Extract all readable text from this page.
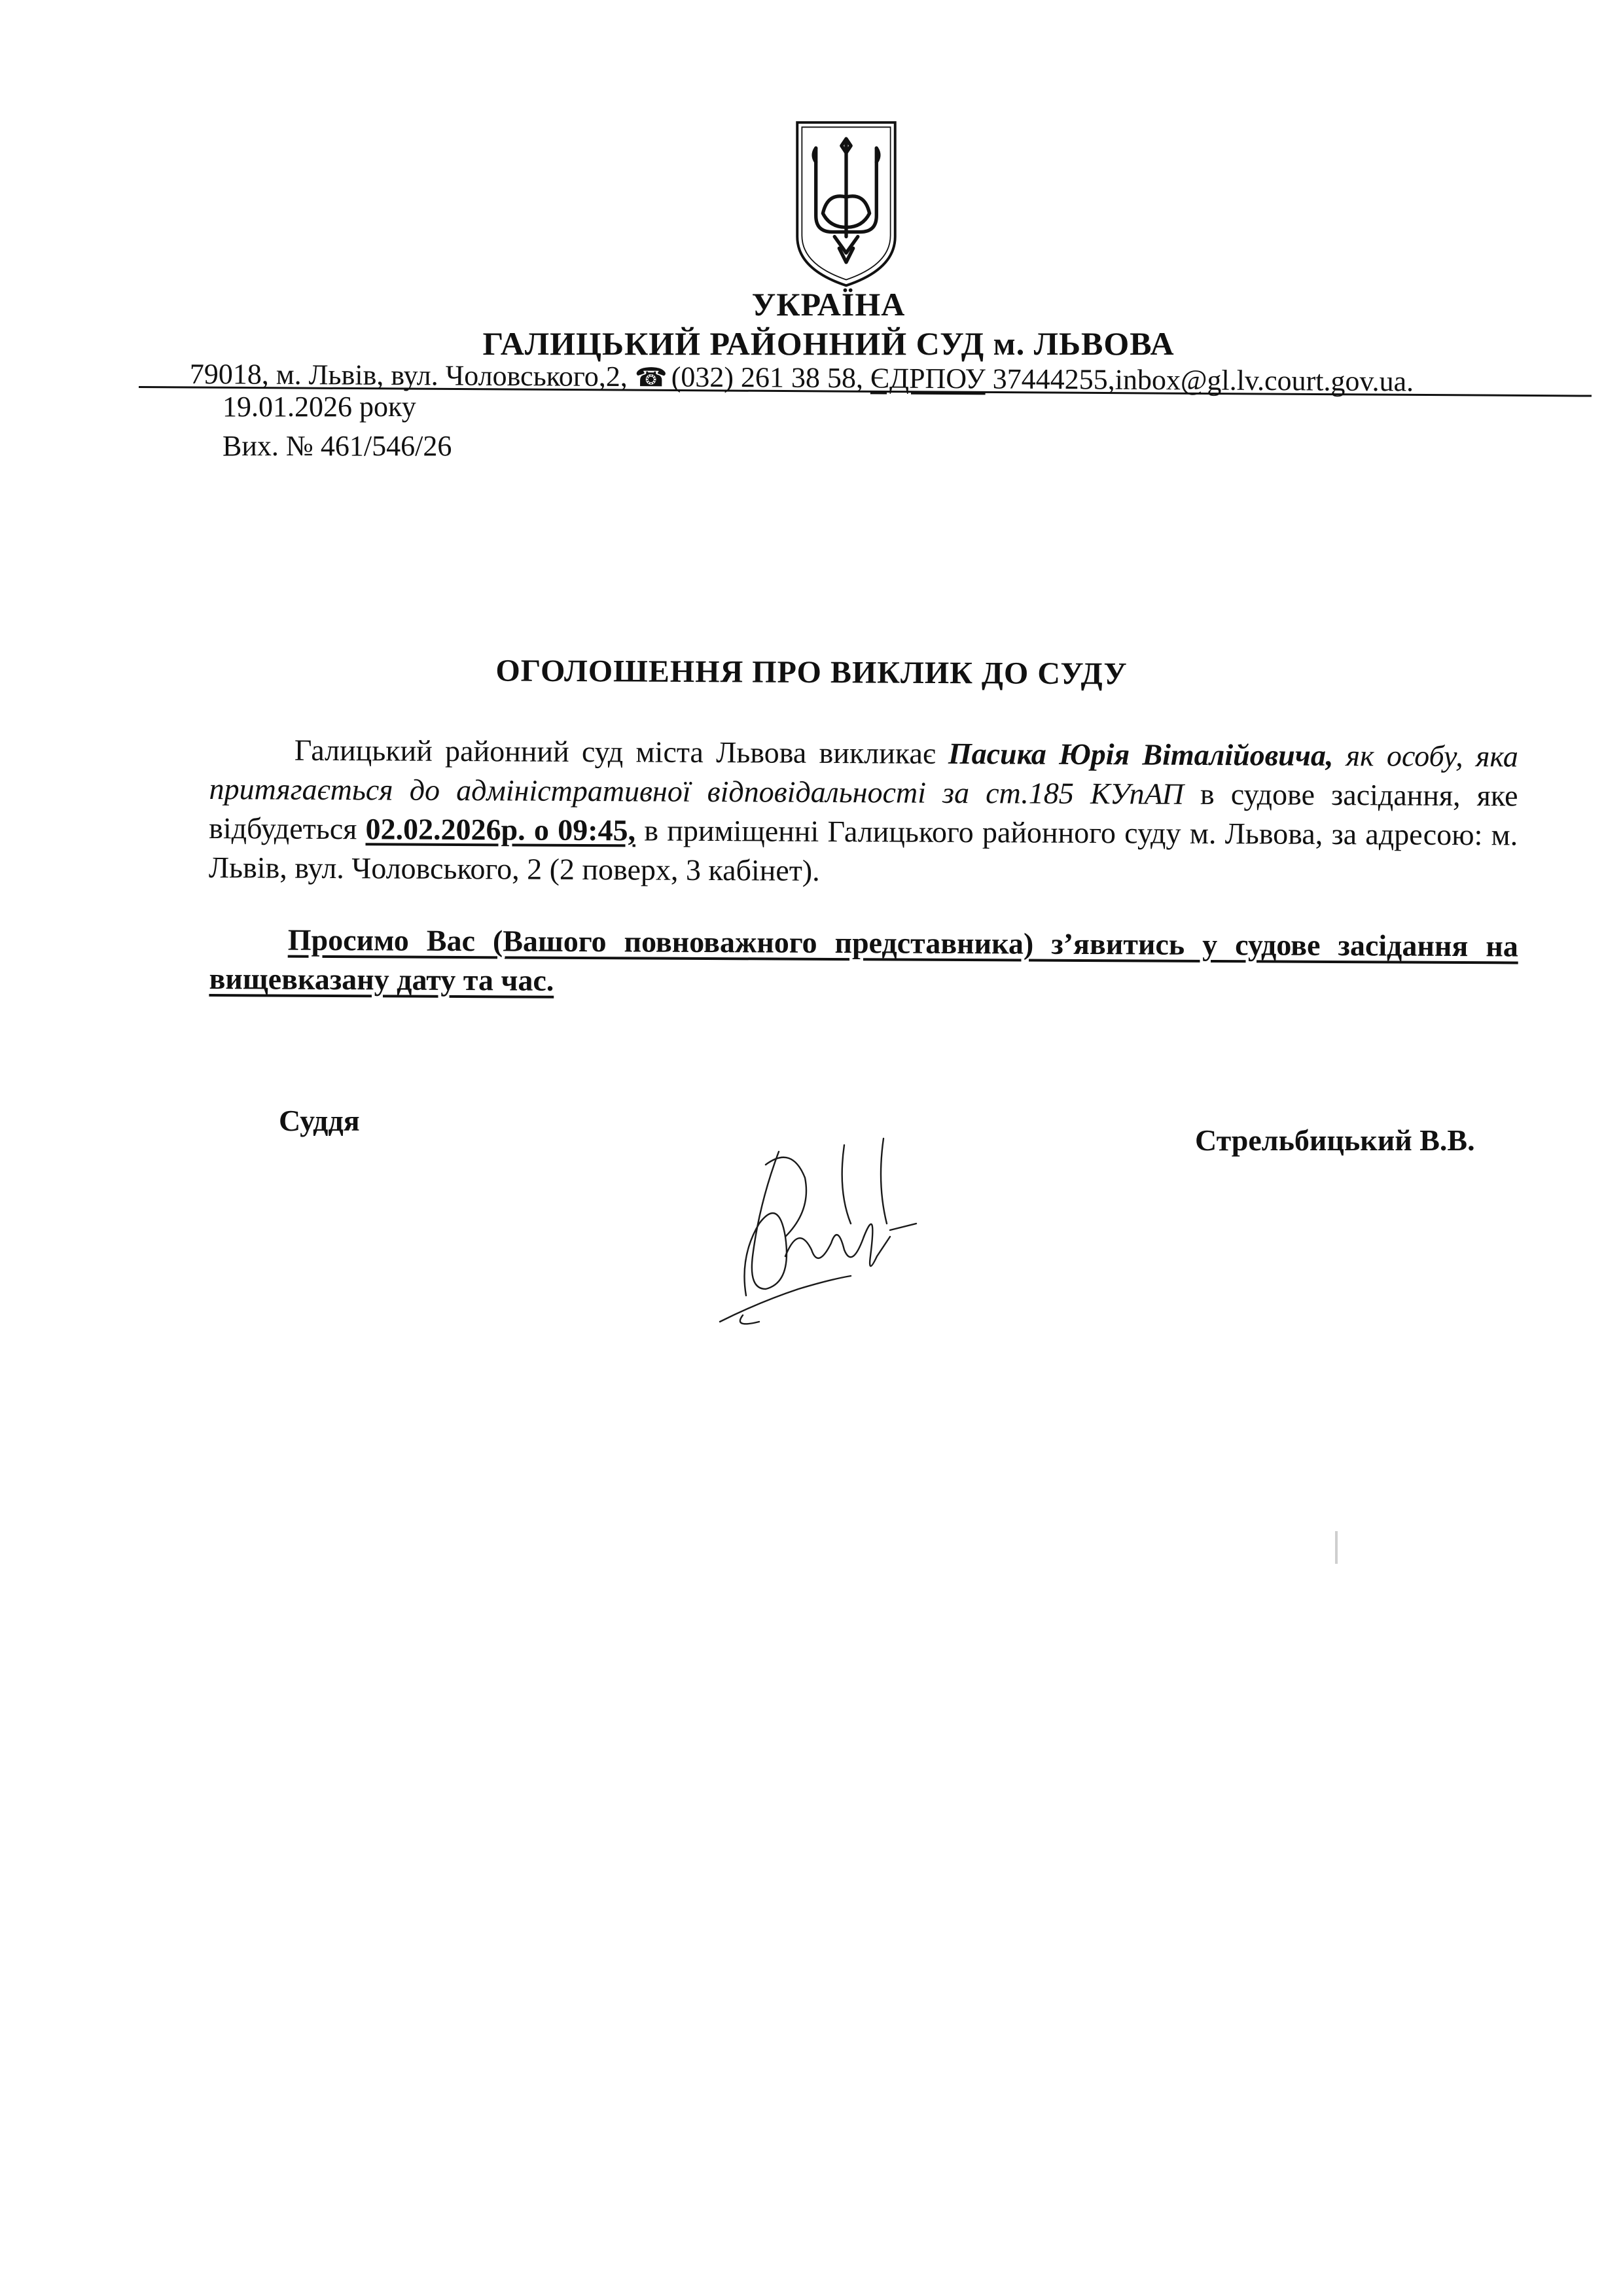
УКРАЇНА
ГАЛИЦЬКИЙ РАЙОННИЙ СУД м. ЛЬВОВА
79018, м. Львів, вул. Чоловського,2, ☎ (032) 261 38 58, ЄДРПОУ 37444255,inbox@gl.lv.court.gov.ua.
19.01.2026 року
Вих. № 461/546/26
ОГОЛОШЕННЯ ПРО ВИКЛИК ДО СУДУ
Галицький районний суд міста Львова викликає Пасика Юрія Віталійовича, як особу, яка притягається до адміністративної відповідальності за ст.185 КУпАП в судове засідання, яке відбудеться 02.02.2026р. о 09:45, в приміщенні Галицького районного суду м. Львова, за адресою: м. Львів, вул. Чоловського, 2 (2 поверх, 3 кабінет).
Просимо Вас (Вашого повноважного представника) з’явитись у судове засідання на вищевказану дату та час.
Суддя
Стрельбицький В.В.
